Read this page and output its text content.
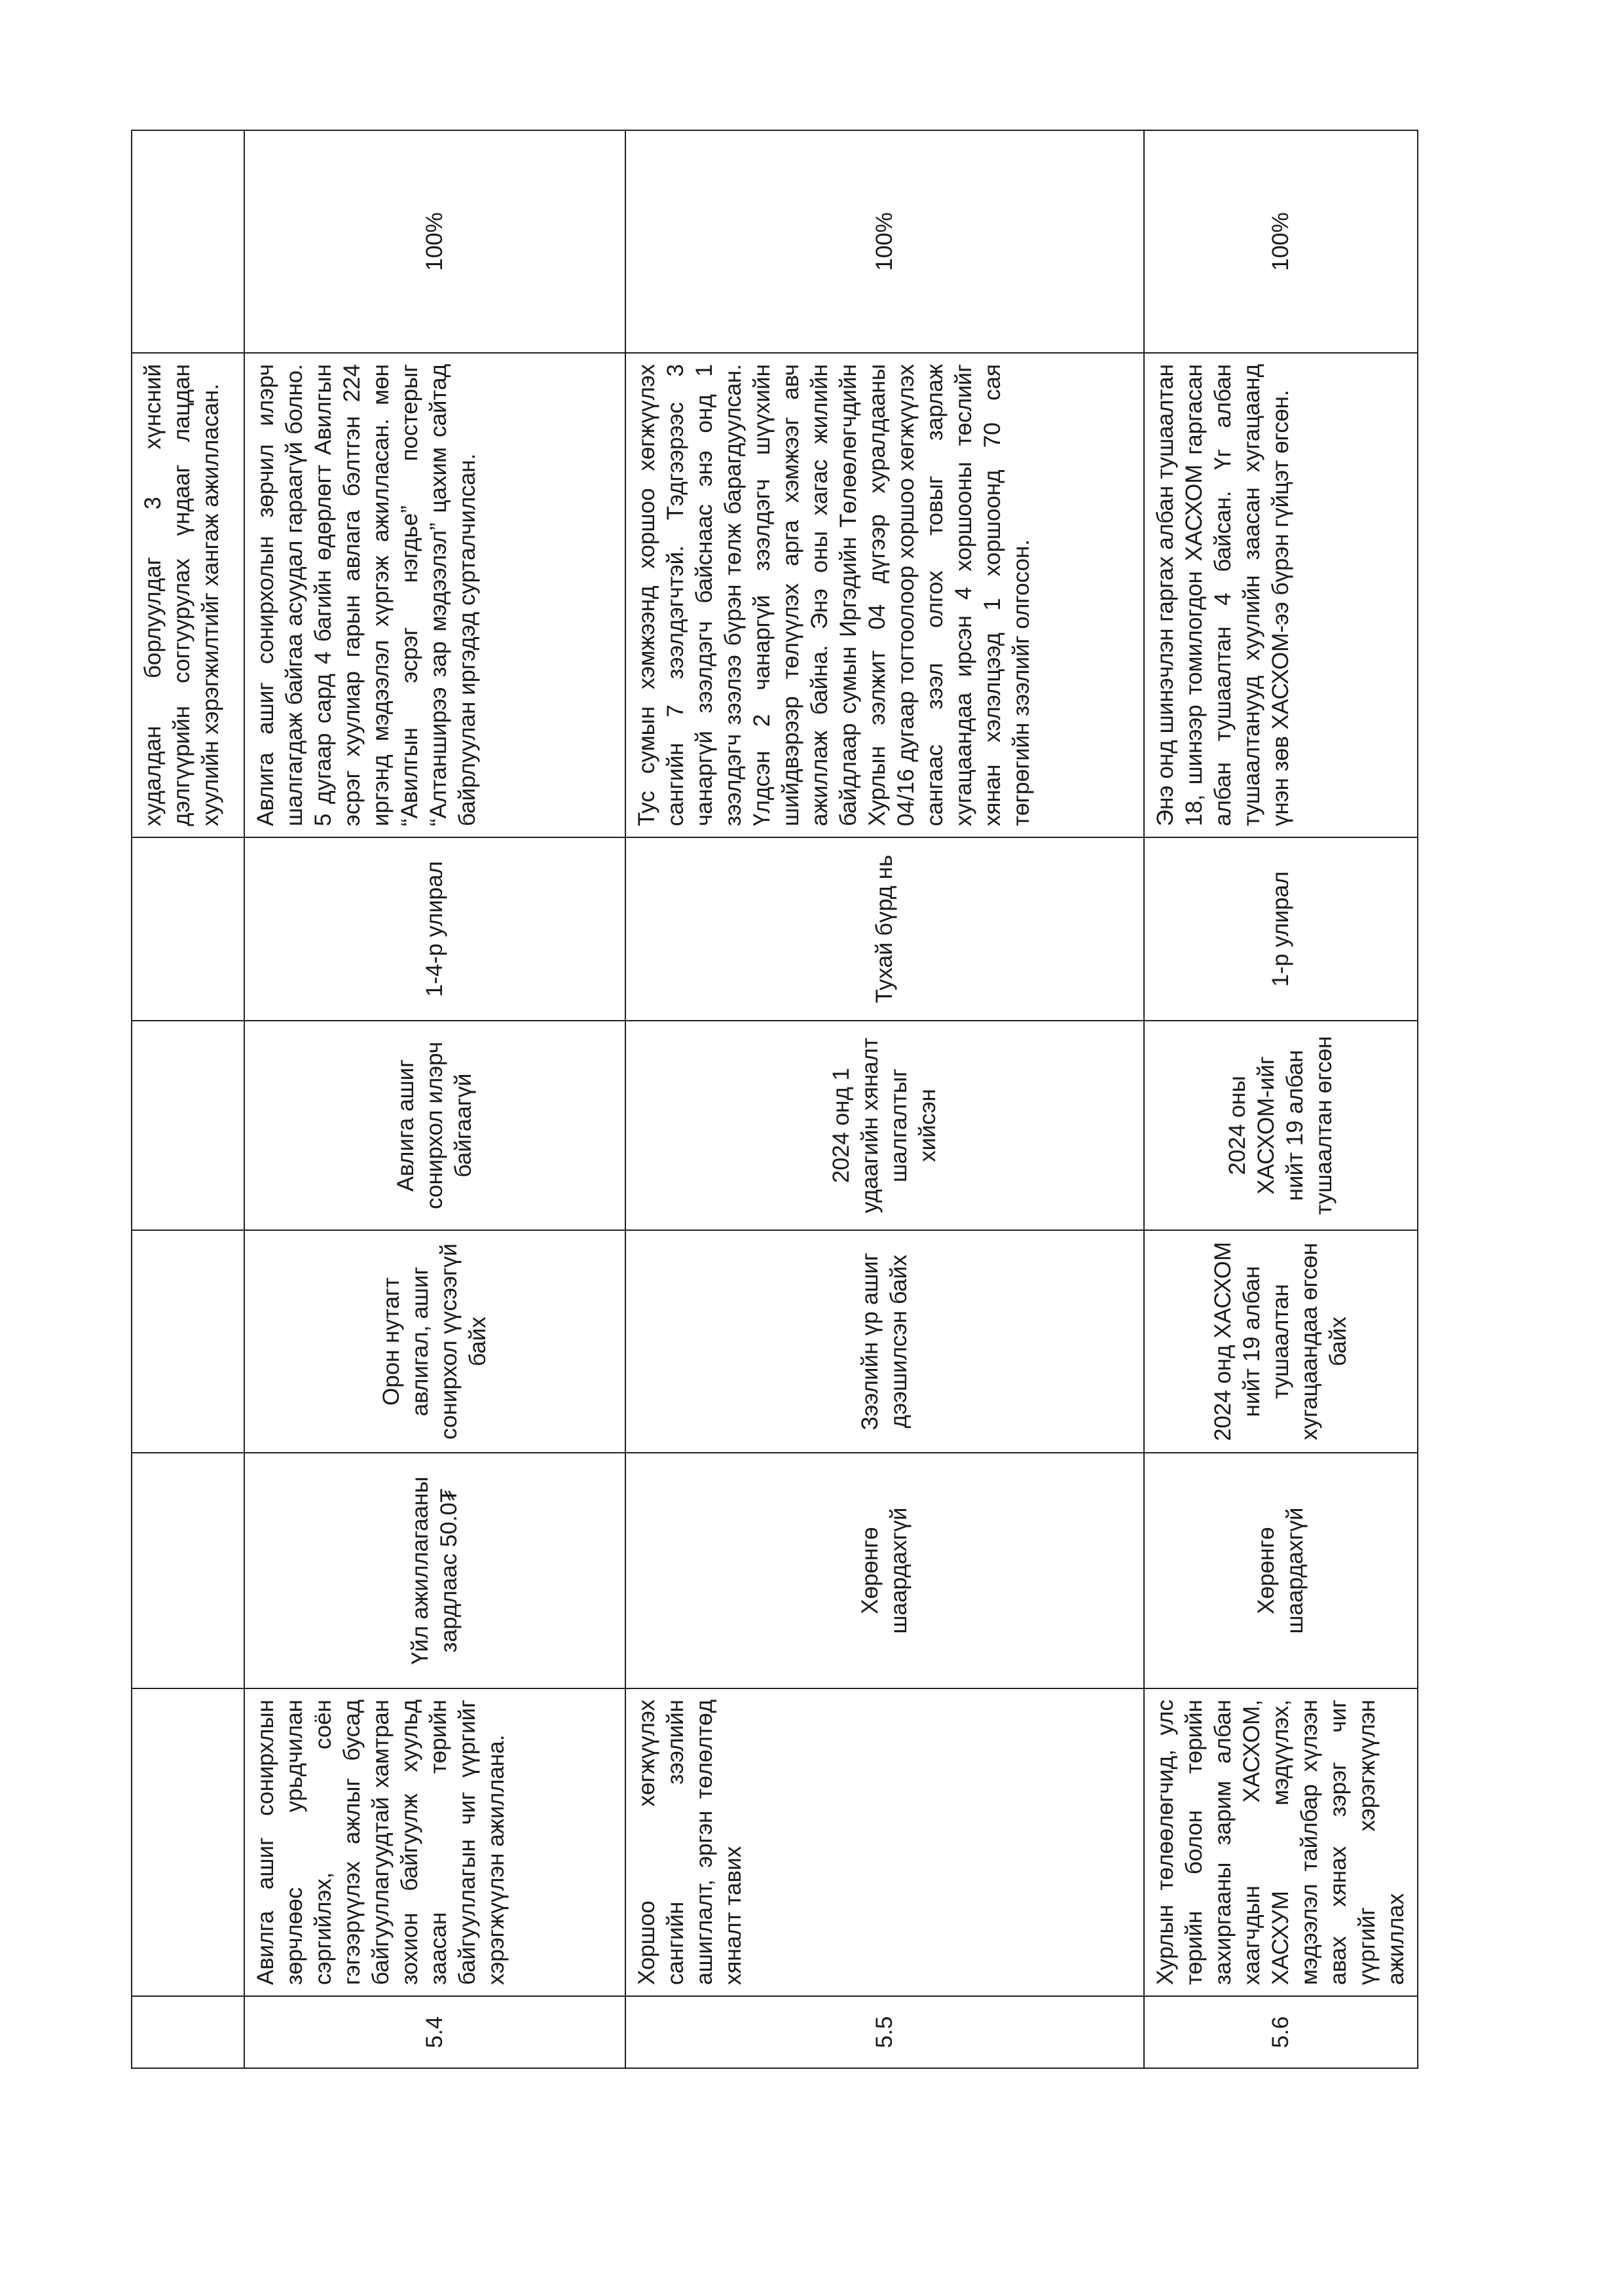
						худалдан борлуулдаг 3 хүнсний дэлгүүрийн соггуурулах үндааг лацдан хуулийн хэрэгжилтийг хангаж ажилласан.	
5.4	Авилга ашиг сонирхлын зөрчлөөс урьдчилан сэргийлэх, соён гэгээрүүлэх ажлыг бусад байгууллагуудтай хамтран зохион байгуулж хуульд заасан төрийн байгууллагын чиг үүргийг хэрэгжүүлэн ажиллана.	Үйл ажиллагааны зардлаас 50.0₮	Орон нутагт авлигал, ашиг сонирхол үүсээгүй байх	Авлига ашиг сонирхол илэрч байгаагүй	1-4-р улирал	Авлига ашиг сонирхолын зөрчил илэрч шалгагдаж байгаа асуудал гараагүй болно. 5 дугаар сард 4 багийн өдөрлөгт Авилгын эсрэг хуулиар гарын авлага бэлтгэн 224 иргэнд мэдээлэл хүргэж ажилласан. мөн “Авилгын эсрэг нэгдье” постерыг “Алтанширээ зар мэдээлэл” цахим сайтад байрлуулан иргэдэд сурталчилсан.	100%
5.5	Хоршоо хөгжүүлэх сангийн зээлийн ашиглалт, эргэн төлөлтөд хяналт тавих	Хөрөнгө шаардахгүй	Зээлийн үр ашиг дээшилсэн байх	2024 онд 1 удаагийн хяналт шалгалтыг хийсэн	Тухай бүрд нь	Тус сумын хэмжээнд хоршоо хөгжүүлэх сангийн 7 зээлдэгчтэй. Тэдгээрээс 3 чанаргүй зээлдэгч байснаас энэ онд 1 зээлдэгч зээлээ бүрэн төлж барагдуулсан. Үлдсэн 2 чанаргүй зээлдэгч шүүхийн шийдвэрээр төлүүлэх арга хэмжээг авч ажиллаж байна. Энэ оны хагас жилийн байдлаар сумын Иргэдийн Төлөөлөгчдийн Хурлын ээлжит 04 дүгээр хуралдааны 04/16 дугаар тогтоолоор хоршоо хөгжүүлэх сангаас зээл олгох товыг зарлаж хугацаандаа ирсэн 4 хоршооны төслийг хянан хэлэлцээд 1 хоршоонд 70 сая төгрөгийн зээлийг олгосон.	100%
5.6	Хурлын төлөөлөгчид, улс төрийн болон төрийн захиргааны зарим албан хаагчдын ХАСХОМ, ХАСХУМ мэдүүлэх, мэдээлэл тайлбар хүлээн авах хянах зэрэг чиг үүргийг хэрэгжүүлэн ажиллах	Хөрөнгө шаардахгүй	2024 онд ХАСХОМ нийт 19 албан тушаалтан хугацаандаа өгсөн байх	2024 оны ХАСХОМ-ийг нийт 19 албан тушаалтан өгсөн	1-р улирал	Энэ онд шинэчлэн гаргах албан тушаалтан 18, шинээр томилогдон ХАСХОМ гаргасан албан тушаалтан 4 байсан. Үг албан тушаалтанууд хуулийн заасан хугацаанд үнэн зөв ХАСХОМ-ээ бүрэн гүйцэт өгсөн.	100%
